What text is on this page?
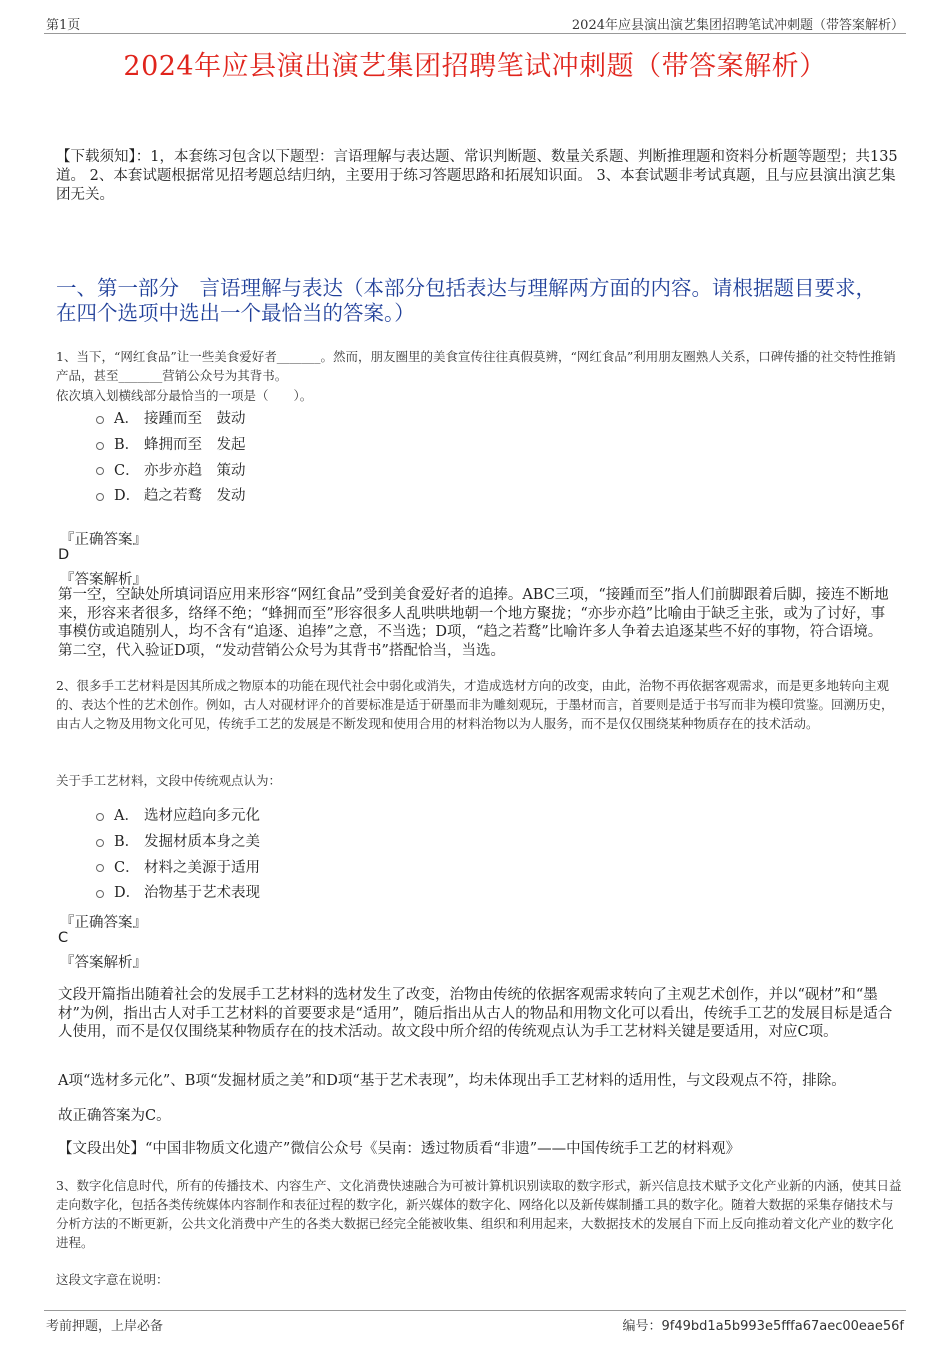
第1页	2024年应县演出演艺集团招聘笔试冲刺题（带答案解析）
2024年应县演出演艺集团招聘笔试冲刺题（带答案解析）
【下载须知】：1，本套练习包含以下题型：言语理解与表达题、常识判断题、数量关系题、判断推理题和资料分析题等题型；共135道。 2、本套试题根据常见招考题总结归纳，主要用于练习答题思路和拓展知识面。 3、本套试题非考试真题，且与应县演出演艺集团无关。
一、第一部分　言语理解与表达（本部分包括表达与理解两方面的内容。请根据题目要求，在四个选项中选出一个最恰当的答案。）
1、当下，“网红食品”让一些美食爱好者_______。然而，朋友圈里的美食宣传往往真假莫辨，“网红食品”利用朋友圈熟人关系，口碑传播的社交特性推销产品，甚至_______营销公众号为其背书。
依次填入划横线部分最恰当的一项是（　　）。
A． 接踵而至　鼓动
B． 蜂拥而至　发起
C． 亦步亦趋　策动
D． 趋之若鹜　发动
『正确答案』
D
『答案解析』
第一空，空缺处所填词语应用来形容“网红食品”受到美食爱好者的追捧。ABC三项，“接踵而至”指人们前脚跟着后脚，接连不断地来，形容来者很多，络绎不绝；“蜂拥而至”形容很多人乱哄哄地朝一个地方聚拢；“亦步亦趋”比喻由于缺乏主张，或为了讨好，事事模仿或追随别人，均不含有“追逐、追捧”之意，不当选；D项，“趋之若鹜”比喻许多人争着去追逐某些不好的事物，符合语境。第二空，代入验证D项，“发动营销公众号为其背书”搭配恰当，当选。
2、很多手工艺材料是因其所成之物原本的功能在现代社会中弱化或消失，才造成选材方向的改变，由此，治物不再依据客观需求，而是更多地转向主观的、表达个性的艺术创作。例如，古人对砚材评介的首要标准是适于研墨而非为雕刻观玩，于墨材而言，首要则是适于书写而非为模印赏鉴。回溯历史，由古人之物及用物文化可见，传统手工艺的发展是不断发现和使用合用的材料治物以为人服务，而不是仅仅围绕某种物质存在的技术活动。
关于手工艺材料，文段中传统观点认为：
A． 选材应趋向多元化
B． 发掘材质本身之美
C． 材料之美源于适用
D． 治物基于艺术表现
『正确答案』
C
『答案解析』
文段开篇指出随着社会的发展手工艺材料的选材发生了改变，治物由传统的依据客观需求转向了主观艺术创作，并以“砚材”和“墨材”为例，指出古人对手工艺材料的首要要求是“适用”，随后指出从古人的物品和用物文化可以看出，传统手工艺的发展目标是适合人使用，而不是仅仅围绕某种物质存在的技术活动。故文段中所介绍的传统观点认为手工艺材料关键是要适用，对应C项。
A项“选材多元化”、B项“发掘材质之美”和D项“基于艺术表现”，均未体现出手工艺材料的适用性，与文段观点不符，排除。
故正确答案为C。
【文段出处】“中国非物质文化遗产”微信公众号《吴南：透过物质看“非遗”——中国传统手工艺的材料观》
3、数字化信息时代，所有的传播技术、内容生产、文化消费快速融合为可被计算机识别读取的数字形式，新兴信息技术赋予文化产业新的内涵，使其日益走向数字化，包括各类传统媒体内容制作和表征过程的数字化，新兴媒体的数字化、网络化以及新传媒制播工具的数字化。随着大数据的采集存储技术与分析方法的不断更新，公共文化消费中产生的各类大数据已经完全能被收集、组织和利用起来，大数据技术的发展自下而上反向推动着文化产业的数字化进程。
这段文字意在说明：
考前押题，上岸必备	编号：9f49bd1a5b993e5fffa67aec00eae56f
